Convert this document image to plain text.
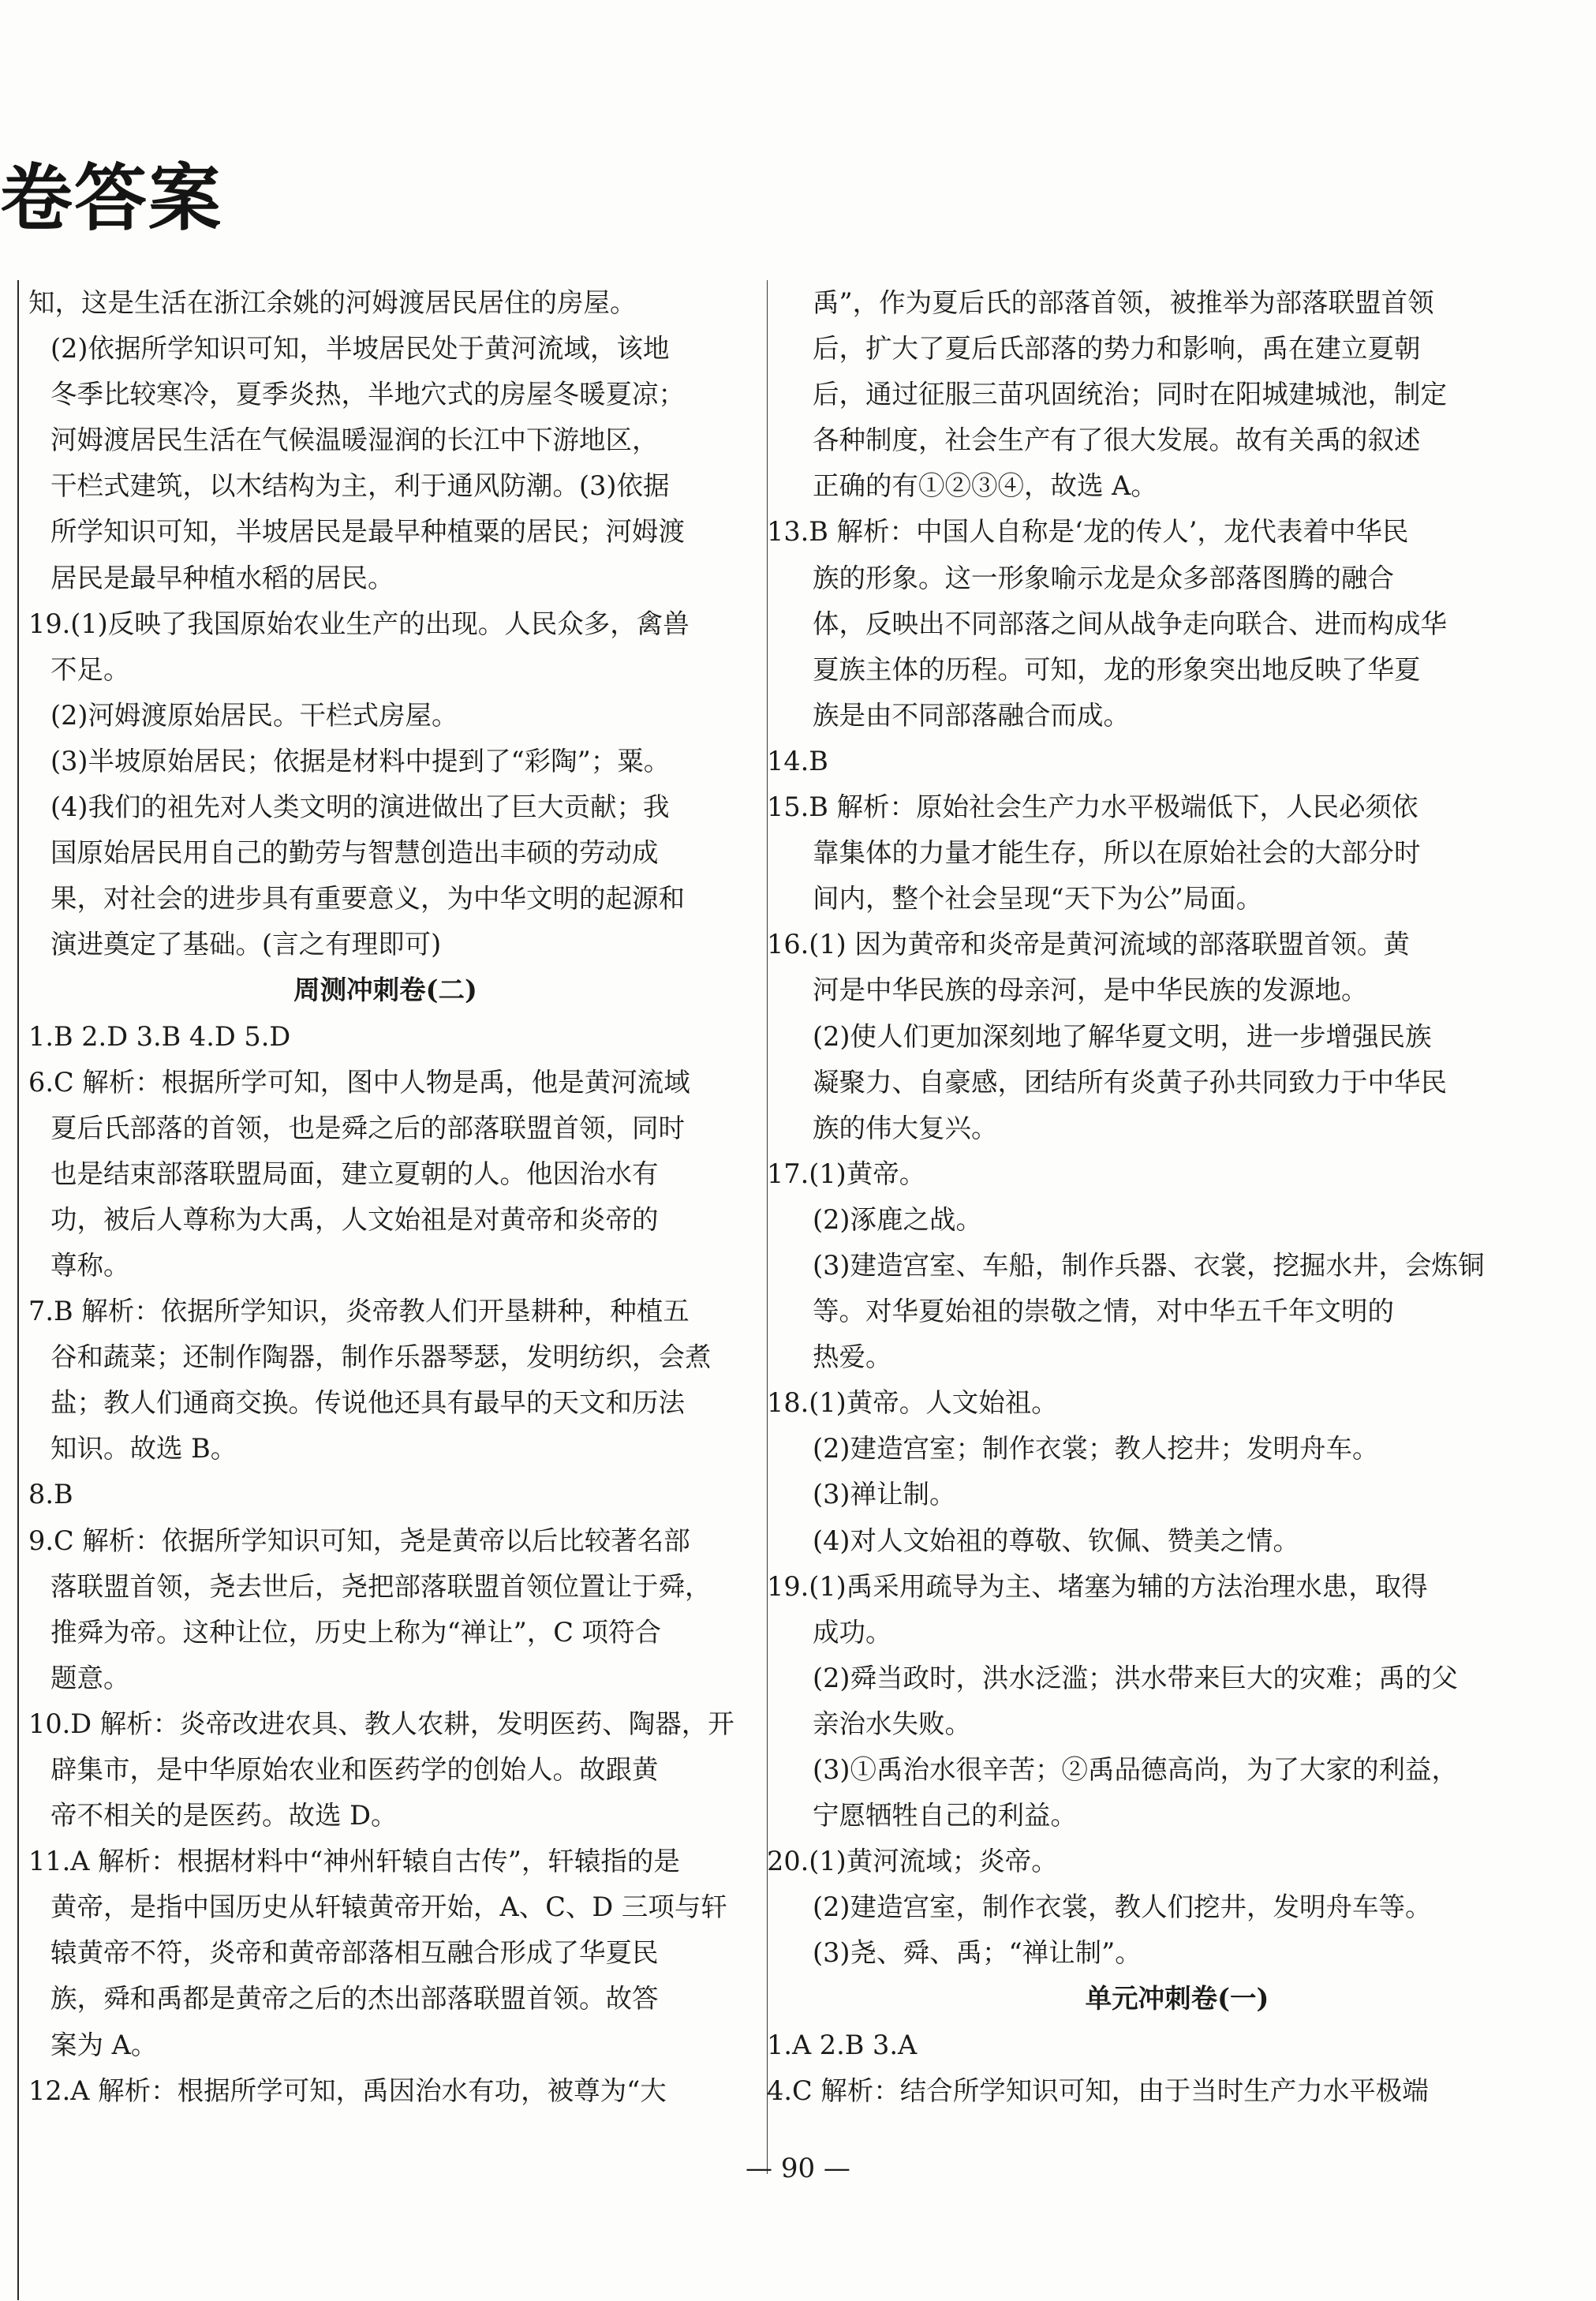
卷答案
知，这是生活在浙江余姚的河姆渡居民居住的房屋。
(2)依据所学知识可知，半坡居民处于黄河流域，该地
冬季比较寒冷，夏季炎热，半地穴式的房屋冬暖夏凉；
河姆渡居民生活在气候温暖湿润的长江中下游地区，
干栏式建筑，以木结构为主，利于通风防潮。(3)依据
所学知识可知，半坡居民是最早种植粟的居民；河姆渡
居民是最早种植水稻的居民。
19.(1)反映了我国原始农业生产的出现。人民众多，禽兽
不足。
(2)河姆渡原始居民。干栏式房屋。
(3)半坡原始居民；依据是材料中提到了“彩陶”；粟。
(4)我们的祖先对人类文明的演进做出了巨大贡献；我
国原始居民用自己的勤劳与智慧创造出丰硕的劳动成
果，对社会的进步具有重要意义，为中华文明的起源和
演进奠定了基础。(言之有理即可)
周测冲刺卷(二)
1.B 2.D 3.B 4.D 5.D
6.C 解析：根据所学可知，图中人物是禹，他是黄河流域
夏后氏部落的首领，也是舜之后的部落联盟首领，同时
也是结束部落联盟局面，建立夏朝的人。他因治水有
功，被后人尊称为大禹，人文始祖是对黄帝和炎帝的
尊称。
7.B 解析：依据所学知识，炎帝教人们开垦耕种，种植五
谷和蔬菜；还制作陶器，制作乐器琴瑟，发明纺织，会煮
盐；教人们通商交换。传说他还具有最早的天文和历法
知识。故选 B。
8.B
9.C 解析：依据所学知识可知，尧是黄帝以后比较著名部
落联盟首领，尧去世后，尧把部落联盟首领位置让于舜，
推舜为帝。这种让位，历史上称为“禅让”，C 项符合
题意。
10.D 解析：炎帝改进农具、教人农耕，发明医药、陶器，开
辟集市，是中华原始农业和医药学的创始人。故跟黄
帝不相关的是医药。故选 D。
11.A 解析：根据材料中“神州轩辕自古传”，轩辕指的是
黄帝，是指中国历史从轩辕黄帝开始，A、C、D 三项与轩
辕黄帝不符，炎帝和黄帝部落相互融合形成了华夏民
族，舜和禹都是黄帝之后的杰出部落联盟首领。故答
案为 A。
12.A 解析：根据所学可知，禹因治水有功，被尊为“大
禹”，作为夏后氏的部落首领，被推举为部落联盟首领
后，扩大了夏后氏部落的势力和影响，禹在建立夏朝
后，通过征服三苗巩固统治；同时在阳城建城池，制定
各种制度，社会生产有了很大发展。故有关禹的叙述
正确的有①②③④，故选 A。
13.B 解析：中国人自称是‘龙的传人’，龙代表着中华民
族的形象。这一形象喻示龙是众多部落图腾的融合
体，反映出不同部落之间从战争走向联合、进而构成华
夏族主体的历程。可知，龙的形象突出地反映了华夏
族是由不同部落融合而成。
14.B
15.B 解析：原始社会生产力水平极端低下，人民必须依
靠集体的力量才能生存，所以在原始社会的大部分时
间内，整个社会呈现“天下为公”局面。
16.(1) 因为黄帝和炎帝是黄河流域的部落联盟首领。黄
河是中华民族的母亲河，是中华民族的发源地。
(2)使人们更加深刻地了解华夏文明，进一步增强民族
凝聚力、自豪感，团结所有炎黄子孙共同致力于中华民
族的伟大复兴。
17.(1)黄帝。
(2)涿鹿之战。
(3)建造宫室、车船，制作兵器、衣裳，挖掘水井，会炼铜
等。对华夏始祖的崇敬之情，对中华五千年文明的
热爱。
18.(1)黄帝。人文始祖。
(2)建造宫室；制作衣裳；教人挖井；发明舟车。
(3)禅让制。
(4)对人文始祖的尊敬、钦佩、赞美之情。
19.(1)禹采用疏导为主、堵塞为辅的方法治理水患，取得
成功。
(2)舜当政时，洪水泛滥；洪水带来巨大的灾难；禹的父
亲治水失败。
(3)①禹治水很辛苦；②禹品德高尚，为了大家的利益，
宁愿牺牲自己的利益。
20.(1)黄河流域；炎帝。
(2)建造宫室，制作衣裳，教人们挖井，发明舟车等。
(3)尧、舜、禹；“禅让制”。
单元冲刺卷(一)
1.A 2.B 3.A
4.C 解析：结合所学知识可知，由于当时生产力水平极端
— 90 —
